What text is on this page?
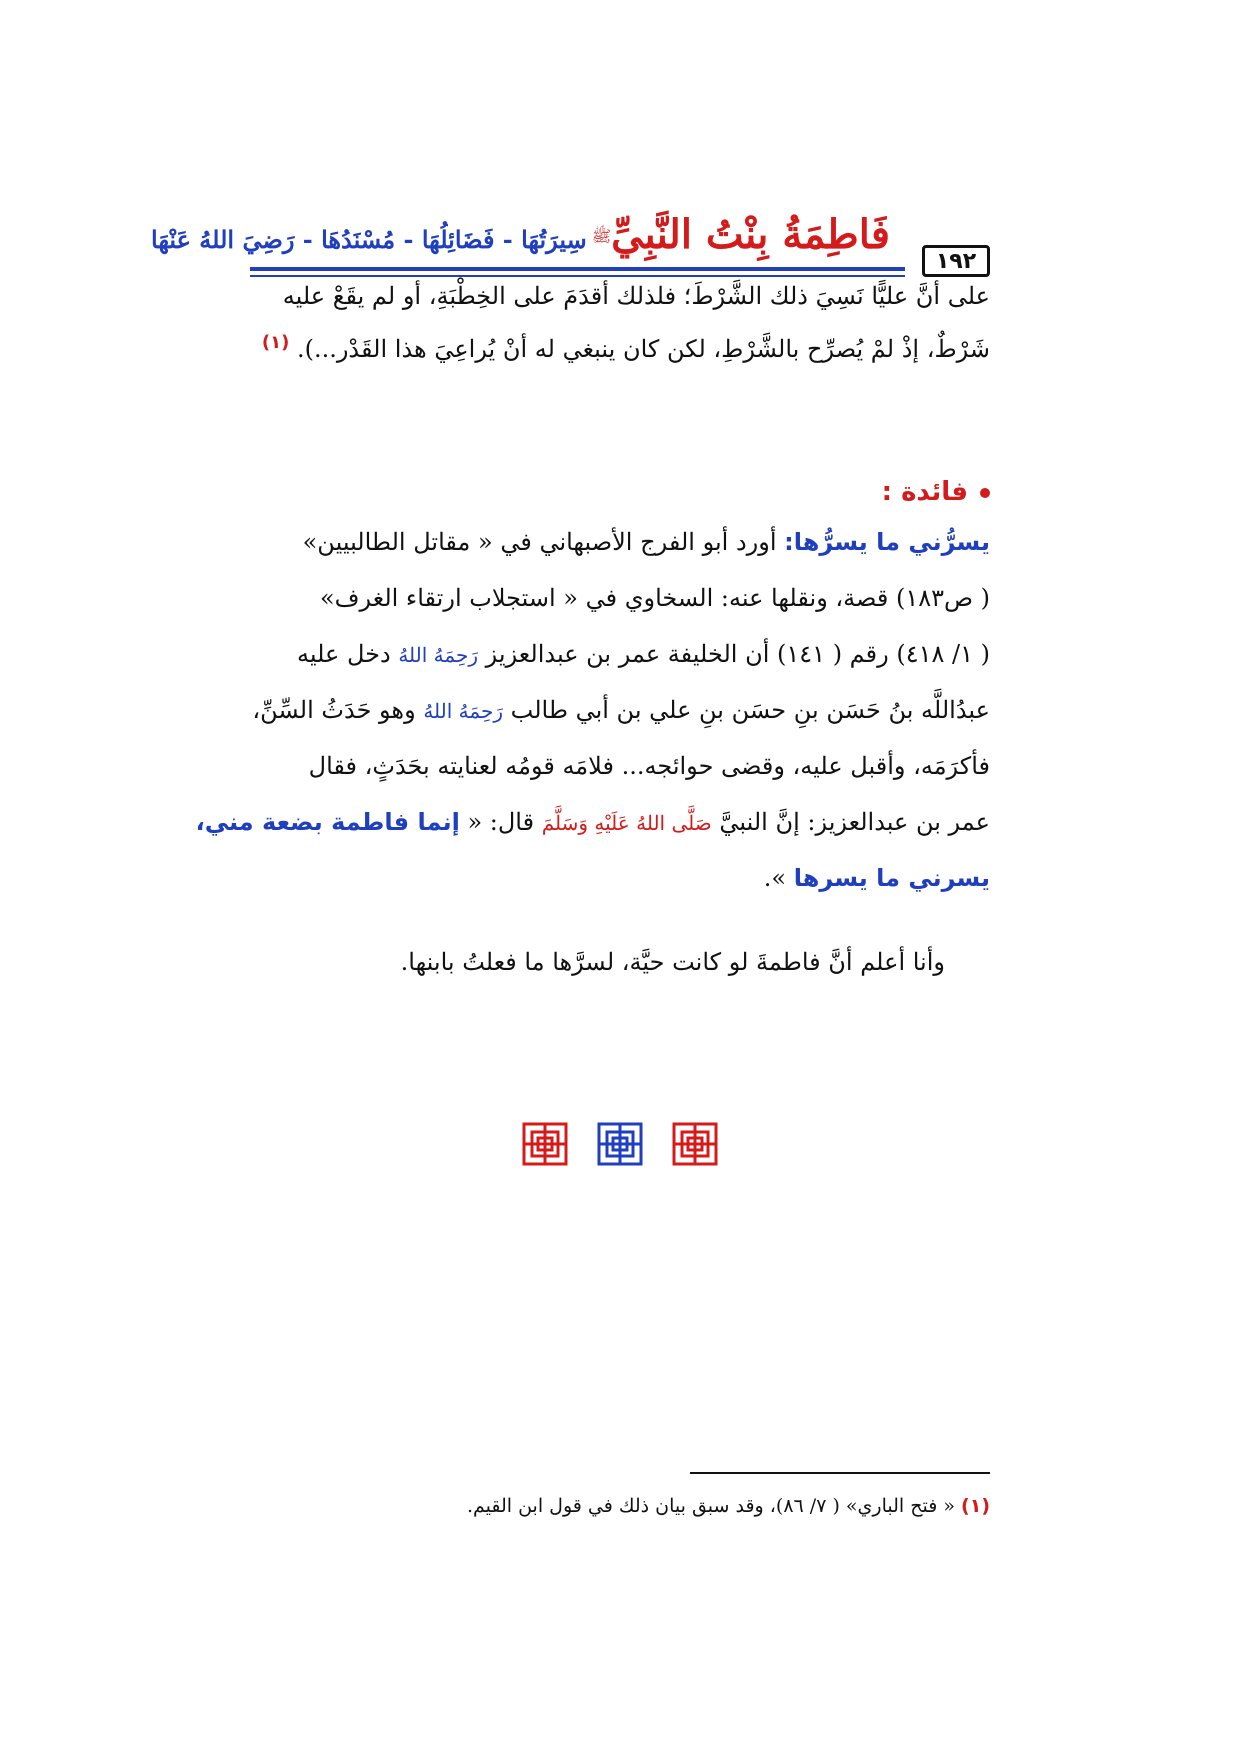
فَاطِمَةُ بِنْتُ النَّبِيِّﷺ سِيرَتُهَا - فَضَائِلُهَا - مُسْنَدُهَا - رَضِيَ اللهُ عَنْهَا
١٩٢
على أنَّ عليًّا نَسِيَ ذلك الشَّرْطَ؛ فلذلك أقدَمَ على الخِطْبَةِ، أو لم يقَعْ عليه
شَرْطٌ، إذْ لمْ يُصرِّح بالشَّرْطِ، لكن كان ينبغي له أنْ يُراعِيَ هذا القَدْر...). $^{(١)}$
فائدة :
يسرُّني ما يسرُّها: أورد أبو الفرج الأصبهاني في « مقاتل الطالبيين»
( ص١٨٣) قصة، ونقلها عنه: السخاوي في « استجلاب ارتقاء الغرف»
( ١/ ٤١٨) رقم ( ١٤١) أن الخليفة عمر بن عبدالعزيز رَحِمَهُ اللهُ دخل عليه
عبدُاللَّه بنُ حَسَن بنِ حسَن بنِ علي بن أبي طالب رَحِمَهُ اللهُ وهو حَدَثُ السِّنِّ،
فأكرَمَه، وأقبل عليه، وقضى حوائجه... فلامَه قومُه لعنايته بحَدَثٍ، فقال
عمر بن عبدالعزيز: إنَّ النبيَّ صَلَّى اللهُ عَلَيْهِ وَسَلَّمَ قال: « إنما فاطمة بضعة مني،
يسرني ما يسرها ».
وأنا أعلم أنَّ فاطمةَ لو كانت حيَّة، لسرَّها ما فعلتُ بابنها.
(١) « فتح الباري» ( ٧/ ٨٦)، وقد سبق بيان ذلك في قول ابن القيم.
